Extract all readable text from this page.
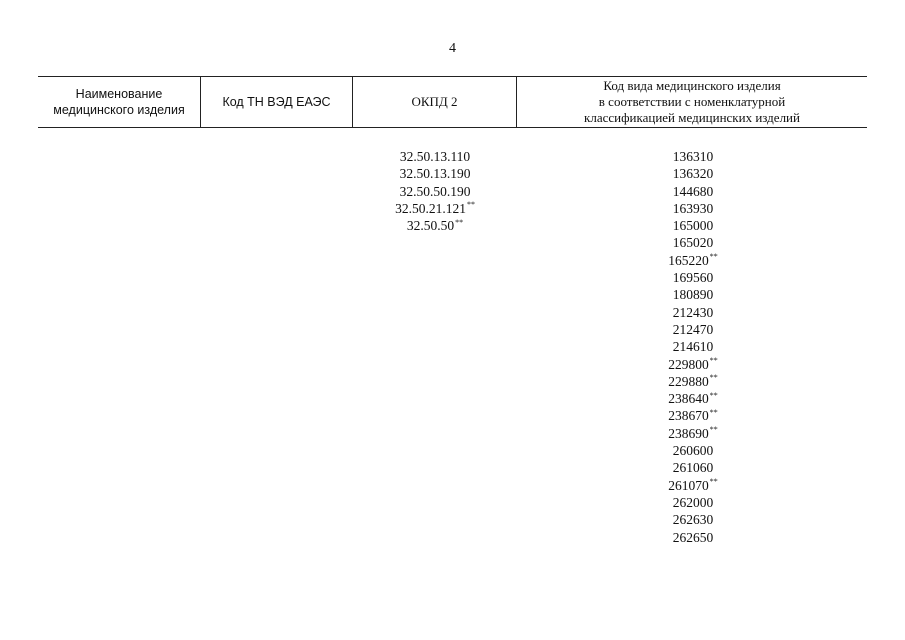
4
Наименование
медицинского изделия
Код ТН ВЭД ЕАЭС	ОКПД 2
Код вида медицинского изделия
в соответствии с номенклатурной
классификацией медицинских изделий
32.50.13.110
32.50.13.190
32.50.50.190
32.50.21.121**
32.50.50**
136310
136320
144680
163930
165000
165020
165220**
169560
180890
212430
212470
214610
229800**
229880**
238640**
238670**
238690**
260600
261060
261070**
262000
262630
262650
